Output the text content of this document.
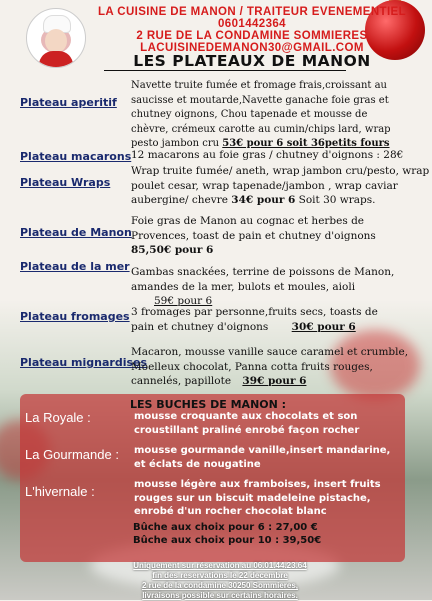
LA CUISINE DE MANON / TRAITEUR EVENEMENTIEL
0601442364
2 RUE DE LA CONDAMINE SOMMIERES
LACUISINEDEMANON30@GMAIL.COM
LES PLATEAUX DE MANON
Plateau aperitif
Navette truite fumée et fromage frais,croissant au
saucisse et moutarde,Navette ganache foie gras et
chutney oignons, Chou tapenade et mousse de
chèvre, crémeux carotte au cumin/chips lard, wrap
pesto jambon cru 53€ pour 6 soit 36petits fours
Plateau macarons 12 macarons au foie gras / chutney d'oignons : 28€
Plateau Wraps
Wrap truite fumée/ aneth, wrap jambon cru/pesto, wrap
poulet cesar, wrap tapenade/jambon , wrap caviar
aubergine/ chevre 34€ pour 6 Soit 30 wraps.
Plateau de Manon
Foie gras de Manon au cognac et herbes de
Provences, toast de pain et chutney d'oignons
85,50€ pour 6
Plateau de la mer Gambas snackées, terrine de poissons de Manon,
amandes de la mer, bulots et moules, aioli
59€ pour 6
Plateau fromages 3 fromages par personne,fruits secs, toasts de
pain et chutney d'oignons 30€ pour 6
Plateau mignardises
Macaron, mousse vanille sauce caramel et crumble,
Moelleux chocolat, Panna cotta fruits rouges,
cannelés, papillote 39€ pour 6
LES BUCHES DE MANON :
La Royale :	mousse croquante aux chocolats et son croustillant praliné enrobé façon rocher
La Gourmande : mousse gourmande vanille,insert mandarine, et éclats de nougatine
L'hivernale :	mousse légère aux framboises, insert fruits rouges sur un biscuit madeleine pistache, enrobé d'un rocher chocolat blanc
Bûche aux choix pour 6 : 27,00 €
Bûche aux choix pour 10 : 39,50€
Uniquement sur réservation au 06.01.44.23.64
fin des reservations le 22 decembre
2 rue de la condamine 30250 Sommieres,
livraisons possible sur certains horaires.
